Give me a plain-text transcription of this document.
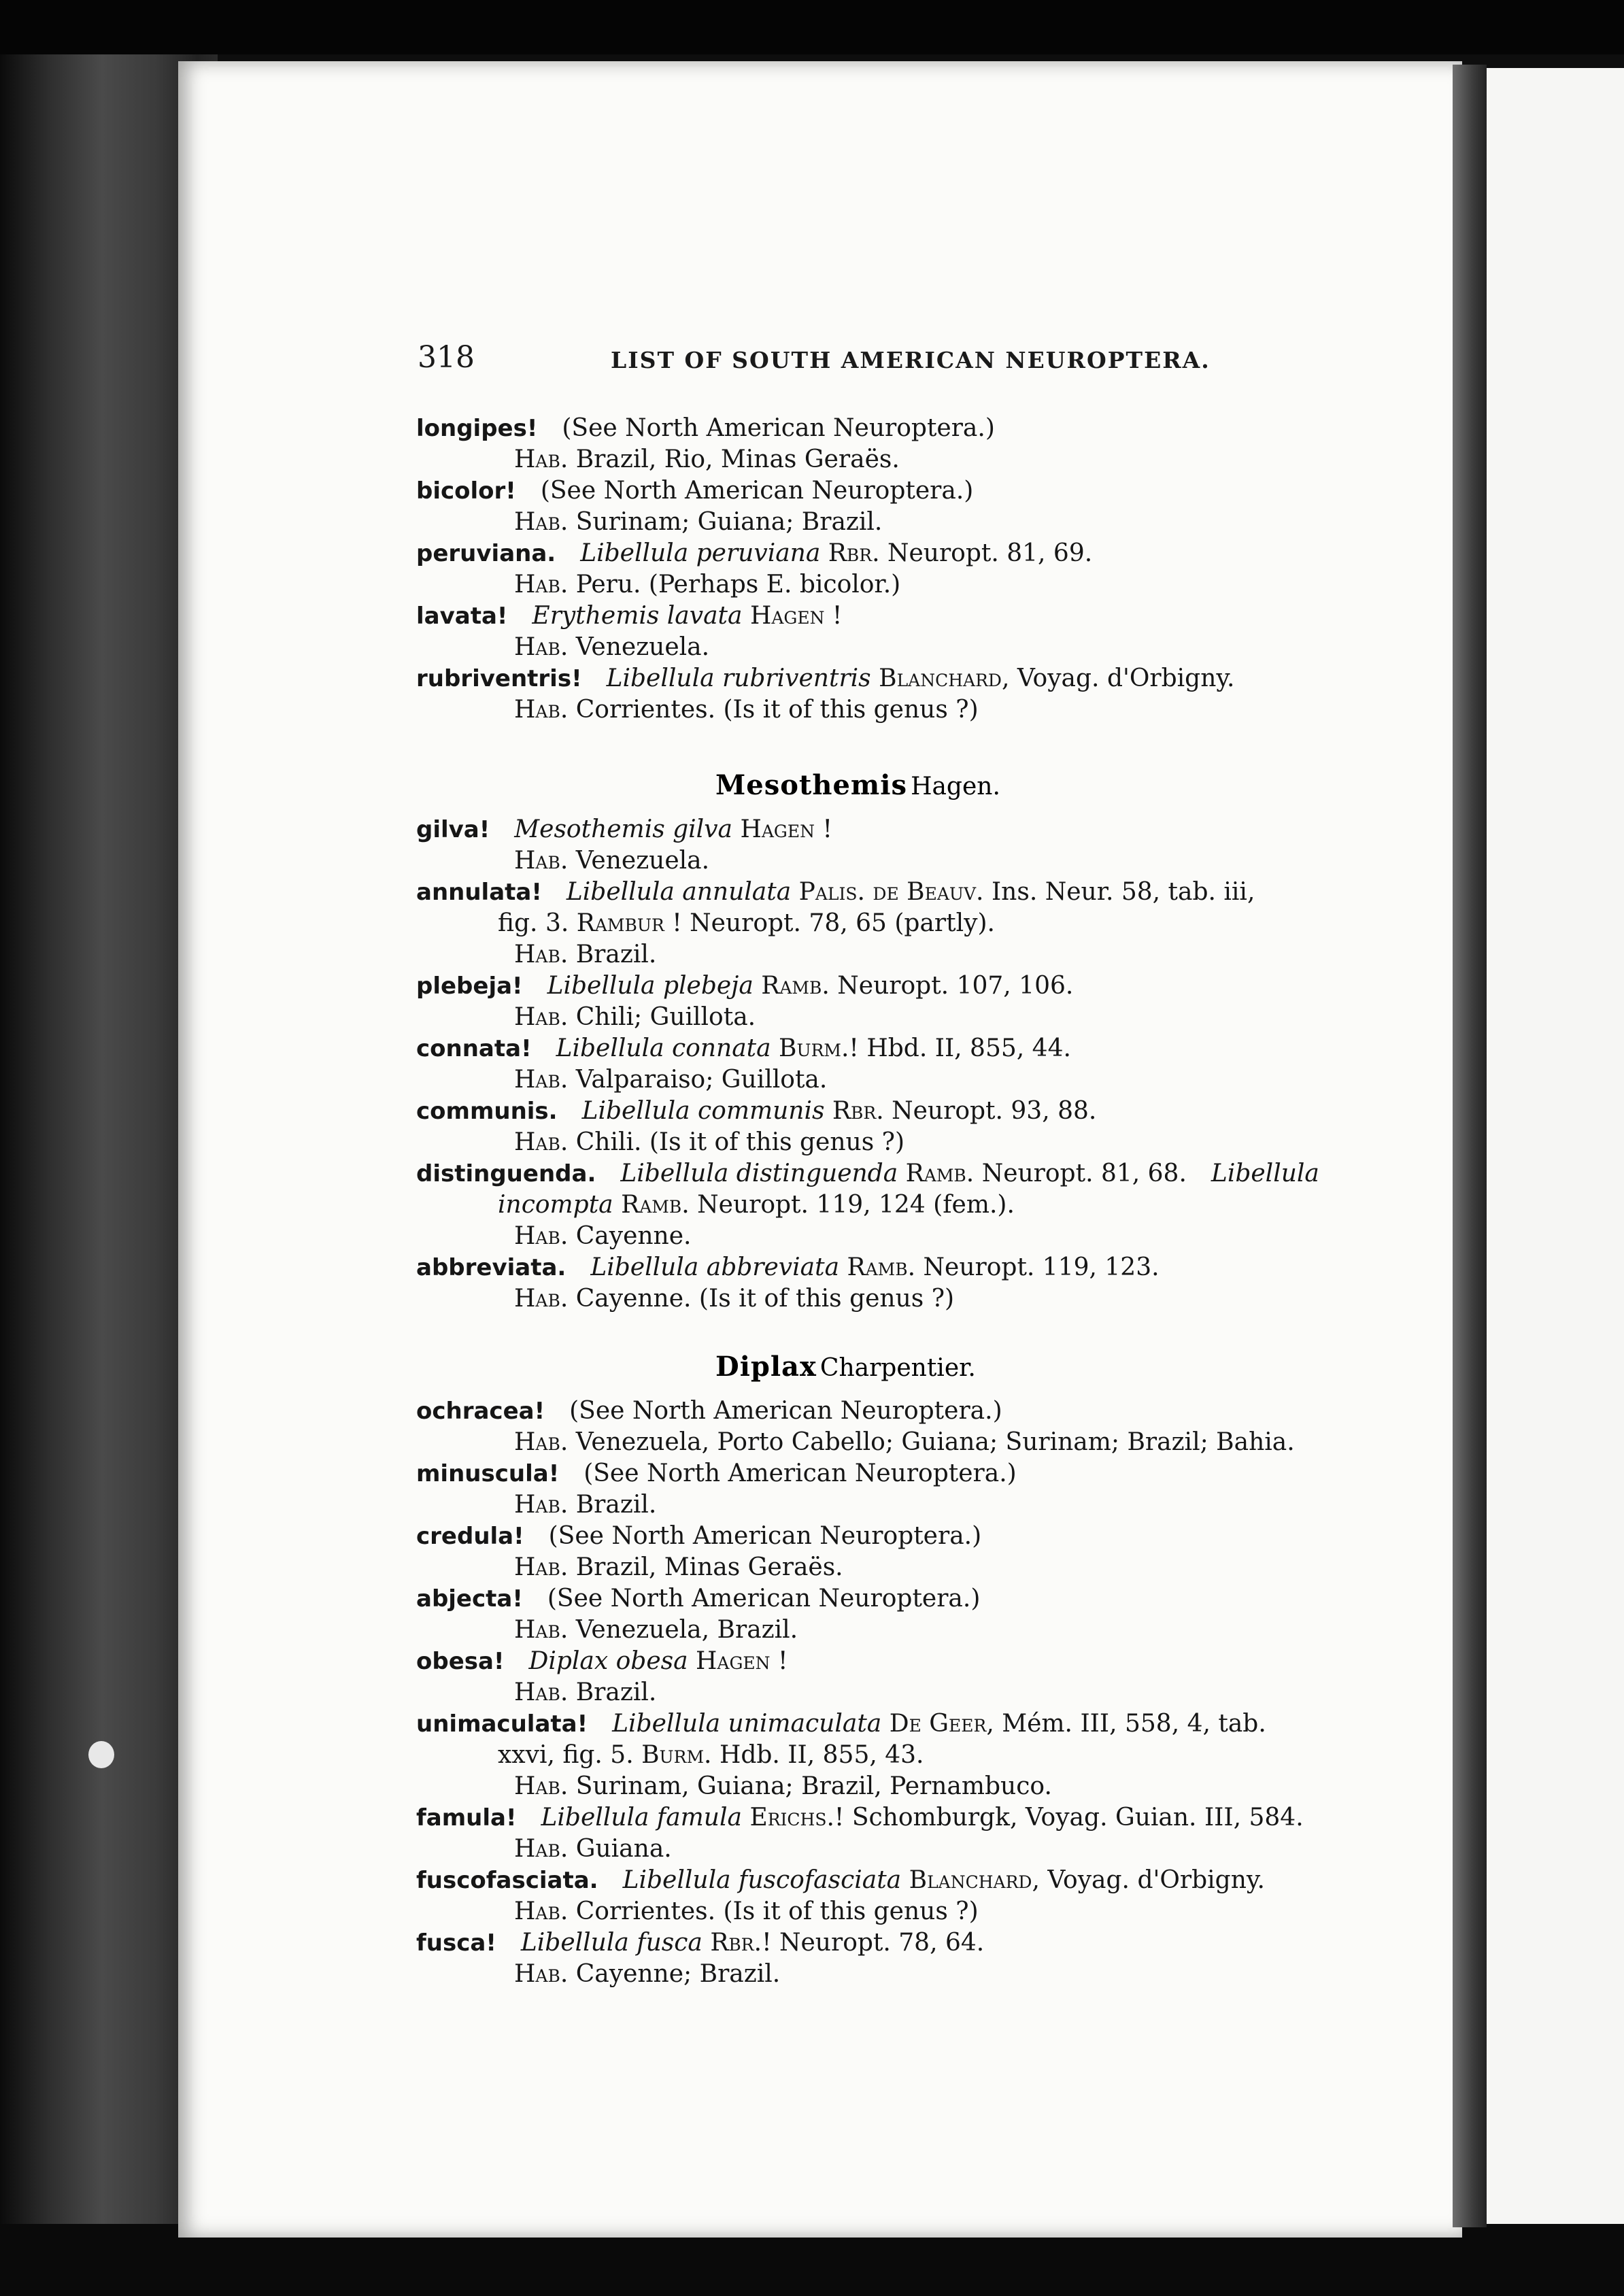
318	LIST OF SOUTH AMERICAN NEUROPTERA.
longipes!  (See North American Neuroptera.)
Hab. Brazil, Rio, Minas Geraës.
bicolor!  (See North American Neuroptera.)
Hab. Surinam; Guiana; Brazil.
peruviana.  Libellula peruviana Rbr. Neuropt. 81, 69.
Hab. Peru. (Perhaps E. bicolor.)
lavata!  Erythemis lavata Hagen !
Hab. Venezuela.
rubriventris!  Libellula rubriventris Blanchard, Voyag. d'Orbigny.
Hab. Corrientes. (Is it of this genus ?)
Mesothemis Hagen.
gilva!  Mesothemis gilva Hagen !
Hab. Venezuela.
annulata!  Libellula annulata Palis. de Beauv. Ins. Neur. 58, tab. iii,
fig. 3. Rambur ! Neuropt. 78, 65 (partly).
Hab. Brazil.
plebeja!  Libellula plebeja Ramb. Neuropt. 107, 106.
Hab. Chili; Guillota.
connata!  Libellula connata Burm.! Hbd. II, 855, 44.
Hab. Valparaiso; Guillota.
communis.  Libellula communis Rbr. Neuropt. 93, 88.
Hab. Chili. (Is it of this genus ?)
distinguenda.  Libellula distinguenda Ramb. Neuropt. 81, 68.  Libellula
incompta Ramb. Neuropt. 119, 124 (fem.).
Hab. Cayenne.
abbreviata.  Libellula abbreviata Ramb. Neuropt. 119, 123.
Hab. Cayenne. (Is it of this genus ?)
Diplax Charpentier.
ochracea!  (See North American Neuroptera.)
Hab. Venezuela, Porto Cabello; Guiana; Surinam; Brazil; Bahia.
minuscula!  (See North American Neuroptera.)
Hab. Brazil.
credula!  (See North American Neuroptera.)
Hab. Brazil, Minas Geraës.
abjecta!  (See North American Neuroptera.)
Hab. Venezuela, Brazil.
obesa!  Diplax obesa Hagen !
Hab. Brazil.
unimaculata!  Libellula unimaculata De Geer, Mém. III, 558, 4, tab.
xxvi, fig. 5. Burm. Hdb. II, 855, 43.
Hab. Surinam, Guiana; Brazil, Pernambuco.
famula!  Libellula famula Erichs.! Schomburgk, Voyag. Guian. III, 584.
Hab. Guiana.
fuscofasciata.  Libellula fuscofasciata Blanchard, Voyag. d'Orbigny.
Hab. Corrientes. (Is it of this genus ?)
fusca!  Libellula fusca Rbr.! Neuropt. 78, 64.
Hab. Cayenne; Brazil.
